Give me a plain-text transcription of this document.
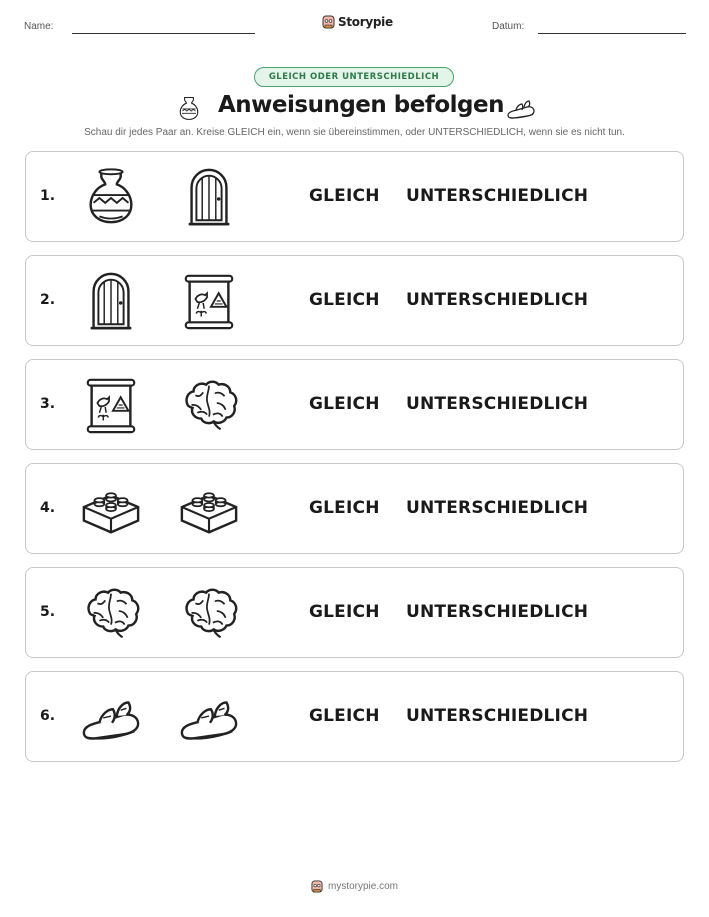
Name:	Storypie	Datum:
GLEICH ODER UNTERSCHIEDLICH
Anweisungen befolgen
Schau dir jedes Paar an. Kreise GLEICH ein, wenn sie übereinstimmen, oder UNTERSCHIEDLICH, wenn sie es nicht tun.
1.	GLEICH UNTERSCHIEDLICH
2.	GLEICH UNTERSCHIEDLICH
3.	GLEICH UNTERSCHIEDLICH
4.	GLEICH UNTERSCHIEDLICH
5.	GLEICH UNTERSCHIEDLICH
6.	GLEICH UNTERSCHIEDLICH
mystorypie.com
